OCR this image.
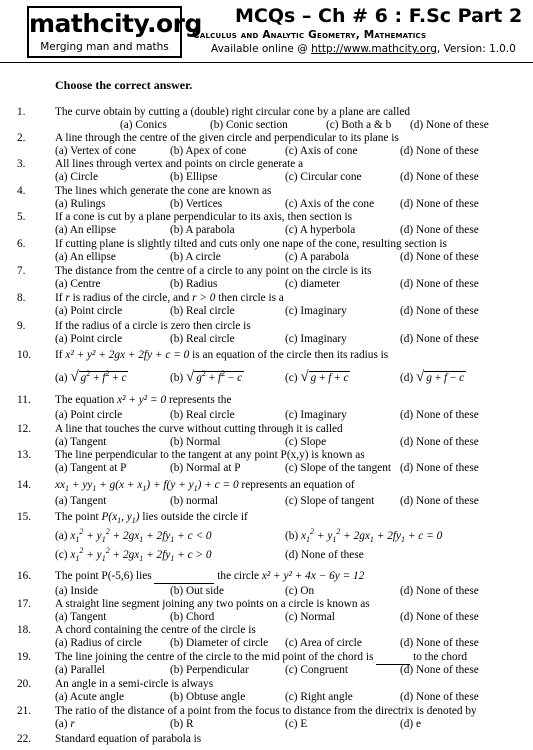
mathcity.org
Merging man and maths
MCQs – Ch # 6 : F.Sc Part 2
Calculus and Analytic Geometry, Mathematics
Available online @ http://www.mathcity.org, Version: 1.0.0
Choose the correct answer.
1.	The curve obtain by cutting a (double) right circular cone by a plane are called
(a) Conics	(b) Conic section	(c) Both a & b (d) None of these
2.	A line through the centre of the given circle and perpendicular to its plane is
(a) Vertex of cone	(b) Apex of cone	(c) Axis of cone	(d) None of these
3.	All lines through vertex and points on circle generate a
(a) Circle	(b) Ellipse	(c) Circular cone	(d) None of these
4.	The lines which generate the cone are known as
(a) Rulings	(b) Vertices	(c) Axis of the cone (d) None of these
5.	If a cone is cut by a plane perpendicular to its axis, then section is
(a) An ellipse	(b) A parabola	(c) A hyperbola	(d) None of these
6.	If cutting plane is slightly tilted and cuts only one nape of the cone, resulting section is
(a) An ellipse	(b) A circle	(c) A parabola	(d) None of these
7.	The distance from the centre of a circle to any point on the circle is its
(a) Centre	(b) Radius	(c) diameter	(d) None of these
8.	If r is radius of the circle, and r > 0 then circle is a
(a) Point circle	(b) Real circle	(c) Imaginary	(d) None of these
9.	If the radius of a circle is zero then circle is
(a) Point circle	(b) Real circle	(c) Imaginary	(d) None of these
10. If x² + y² + 2gx + 2fy + c = 0 is an equation of the circle then its radius is
(a) √ $g^2 + f^2 + c$	(b) √ $g^2 + f^2 - c$	(c) √ g + f + c	(d) √ g + f − c
11. The equation x² + y² = 0 represents the
(a) Point circle	(b) Real circle	(c) Imaginary	(d) None of these
12. A line that touches the curve without cutting through it is called
(a) Tangent	(b) Normal	(c) Slope	(d) None of these
13. The line perpendicular to the tangent at any point P(x,y) is known as
(a) Tangent at P	(b) Normal at P	(c) Slope of the tangent (d) None of these
14. $xx_1 + yy_1 + g(x + x_1) + f(y + y_1) + c = 0$ represents an equation of
(a) Tangent	(b) normal	(c) Slope of tangent (d) None of these
15. The point $P(x_1$, $y_1$) lies outside the circle if
(a) $x_1^2 + y_1^2 + 2gx_1 + 2fy_1 + c < 0$	(b) $x_1^2 + y_1^2 + 2gx_1 + 2fy_1 + c = 0$
(c) $x_1^2 + y_1^2 + 2gx_1 + 2fy_1 + c > 0$	(d) None of these
16. The point P(-5,6) lies	the circle x² + y² + 4x − 6y = 12
(a) Inside	(b) Out side	(c) On	(d) None of these
17. A straight line segment joining any two points on a circle is known as
(a) Tangent	(b) Chord	(c) Normal	(d) None of these
18. A chord containing the centre of the circle is
(a) Radius of circle (b) Diameter of circle (c) Area of circle	(d) None of these
19. The line joining the centre of the circle to the mid point of the chord is	to the chord
(a) Parallel	(b) Perpendicular	(c) Congruent	(d) None of these
20. An angle in a semi-circle is always
(a) Acute angle	(b) Obtuse angle	(c) Right angle	(d) None of these
21. The ratio of the distance of a point from the focus to distance from the directrix is denoted by
(a) r	(b) R	(c) E	(d) e
22. Standard equation of parabola is
